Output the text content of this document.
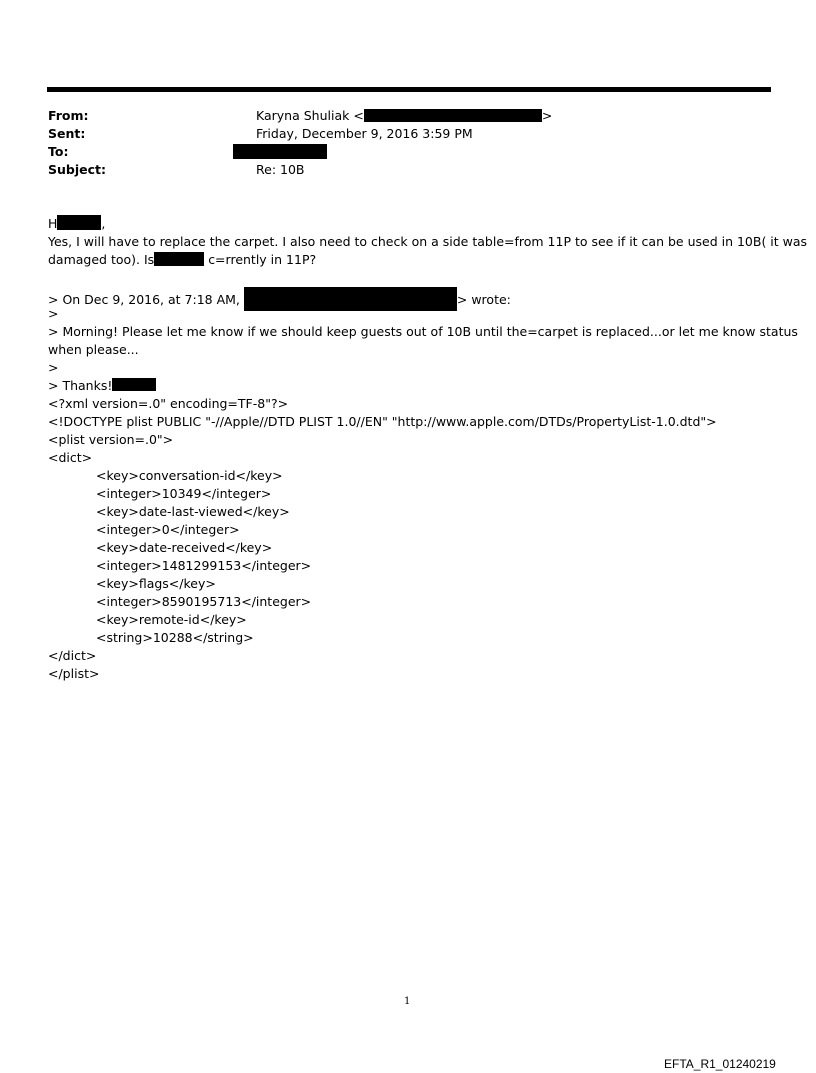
From:	Karyna Shuliak <	>
Sent:	Friday, December 9, 2016 3:59 PM
To:
Subject:	Re: 10B
H	,
Yes, I will have to replace the carpet. I also need to check on a side table=from 11P to see if it can be used in 10B( it was
damaged too). Is	c=rrently in 11P?
> On Dec 9, 2016, at 7:18 AM,	> wrote:
>
> Morning! Please let me know if we should keep guests out of 10B until the=carpet is replaced...or let me know status
when please...
>
> Thanks!
<?xml version=.0" encoding=TF-8"?>
<!DOCTYPE plist PUBLIC "-//Apple//DTD PLIST 1.0//EN" "http://www.apple.com/DTDs/PropertyList-1.0.dtd">
<plist version=.0">
<dict>
<key>conversation-id</key>
<integer>10349</integer>
<key>date-last-viewed</key>
<integer>0</integer>
<key>date-received</key>
<integer>1481299153</integer>
<key>flags</key>
<integer>8590195713</integer>
<key>remote-id</key>
<string>10288</string>
</dict>
</plist>
1
EFTA_R1_01240219
